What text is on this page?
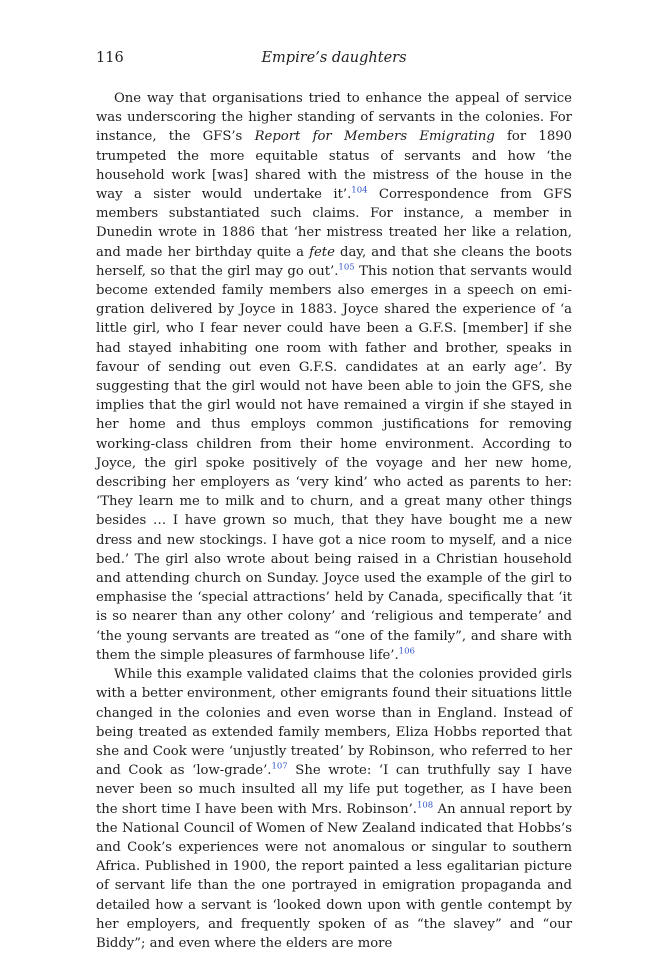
116	Empire’s daughters

One way that organisations tried to enhance the appeal of service was underscoring the higher standing of servants in the colonies. For instance, the GFS’s Report for Members Emigrating for 1890 trumpeted the more equitable status of servants and how ‘the household work [was] shared with the mistress of the house in the way a sister would undertake it’.$^{104}$ Correspondence from GFS members substantiated such claims. For instance, a member in Dunedin wrote in 1886 that ‘her mistress treated her like a relation, and made her birthday quite a fete day, and that she cleans the boots herself, so that the girl may go out’.$^{105}$ This notion that servants would become extended family members also emerges in a speech on emigration delivered by Joyce in 1883. Joyce shared the experience of ‘a little girl, who I fear never could have been a G.F.S. [member] if she had stayed inhabiting one room with father and brother, speaks in favour of sending out even G.F.S. candidates at an early age’. By suggesting that the girl would not have been able to join the GFS, she implies that the girl would not have remained a virgin if she stayed in her home and thus employs common justifications for removing working-class children from their home environment. According to Joyce, the girl spoke positively of the voyage and her new home, describing her employers as ‘very kind’ who acted as parents to her: ‘They learn me to milk and to churn, and a great many other things besides … I have grown so much, that they have bought me a new dress and new stockings. I have got a nice room to myself, and a nice bed.’ The girl also wrote about being raised in a Christian household and attending church on Sunday. Joyce used the example of the girl to emphasise the ‘special attractions’ held by Canada, specifically that ‘it is so nearer than any other colony’ and ‘religious and temperate’ and ‘the young servants are treated as “one of the family”, and share with them the simple pleasures of farmhouse life’.$^{106}$

While this example validated claims that the colonies provided girls with a better environment, other emigrants found their situations little changed in the colonies and even worse than in England. Instead of being treated as extended family members, Eliza Hobbs reported that she and Cook were ‘unjustly treated’ by Robinson, who referred to her and Cook as ‘low-grade’.$^{107}$ She wrote: ‘I can truthfully say I have never been so much insulted all my life put together, as I have been the short time I have been with Mrs. Robinson’.$^{108}$ An annual report by the National Council of Women of New Zealand indicated that Hobbs’s and Cook’s experiences were not anomalous or singular to southern Africa. Published in 1900, the report painted a less egalitarian picture of servant life than the one portrayed in emigration propaganda and detailed how a servant is ‘looked down upon with gentle contempt by her employers, and frequently spoken of as “the slavey” and “our Biddy”; and even where the elders are more
